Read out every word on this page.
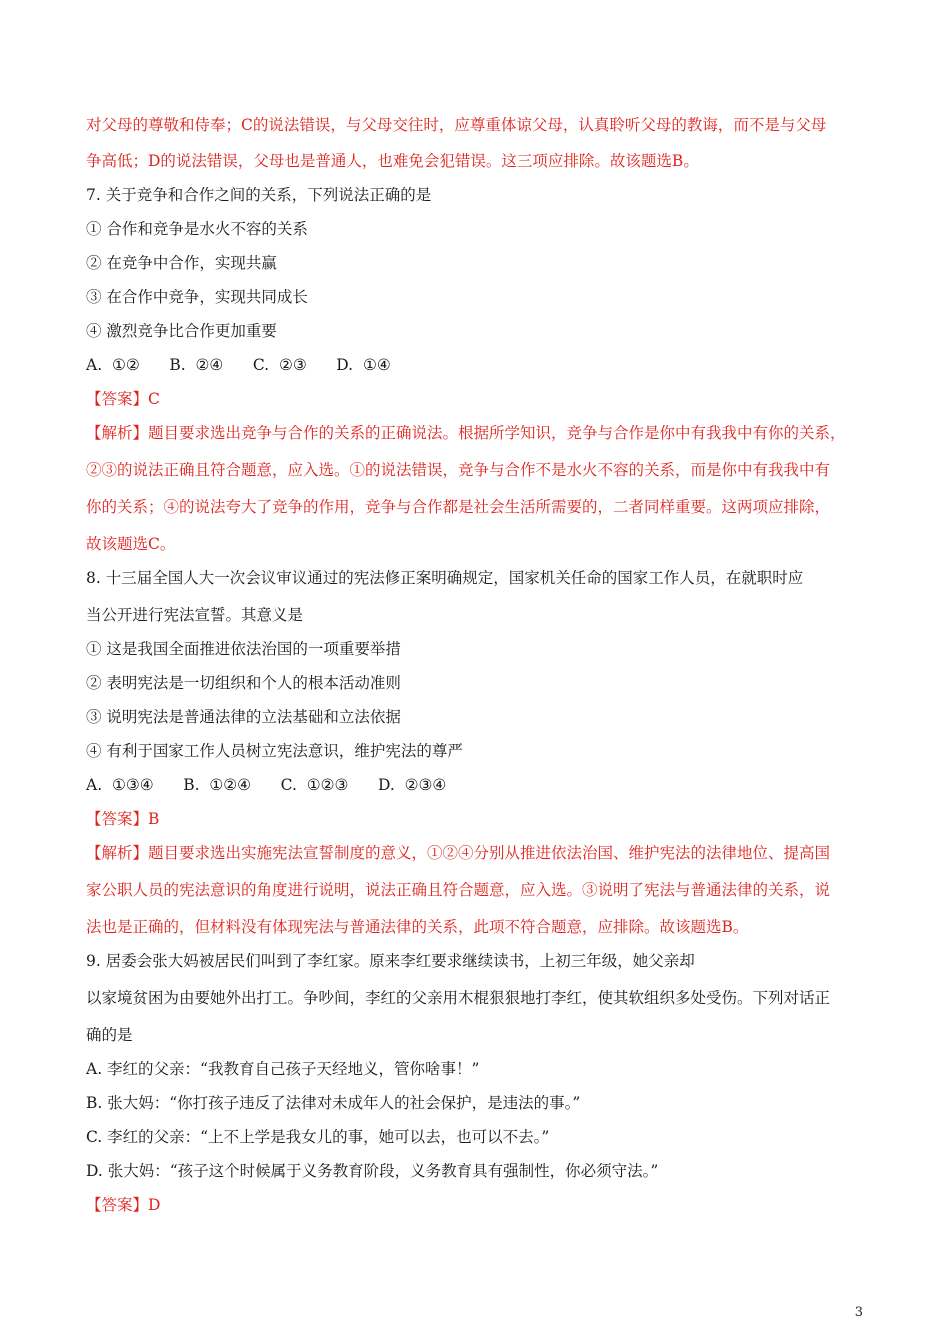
对父母的尊敬和侍奉；C的说法错误，与父母交往时，应尊重体谅父母，认真聆听父母的教诲，而不是与父母
争高低；D的说法错误，父母也是普通人，也难免会犯错误。这三项应排除。故该题选B。
7. 关于竞争和合作之间的关系，下列说法正确的是
① 合作和竞争是水火不容的关系
② 在竞争中合作，实现共赢
③ 在合作中竞争，实现共同成长
④ 激烈竞争比合作更加重要
A.  ①②      B.  ②④      C.  ②③      D.  ①④
【答案】C
【解析】题目要求选出竞争与合作的关系的正确说法。根据所学知识，竞争与合作是你中有我我中有你的关系，
②③的说法正确且符合题意，应入选。①的说法错误，竞争与合作不是水火不容的关系，而是你中有我我中有
你的关系；④的说法夸大了竞争的作用，竞争与合作都是社会生活所需要的，二者同样重要。这两项应排除，
故该题选C。
8. 十三届全国人大一次会议审议通过的宪法修正案明确规定，国家机关任命的国家工作人员，在就职时应
当公开进行宪法宣誓。其意义是
① 这是我国全面推进依法治国的一项重要举措
② 表明宪法是一切组织和个人的根本活动准则
③ 说明宪法是普通法律的立法基础和立法依据
④ 有利于国家工作人员树立宪法意识，维护宪法的尊严
A.  ①③④      B.  ①②④      C.  ①②③      D.  ②③④
【答案】B
【解析】题目要求选出实施宪法宣誓制度的意义，①②④分别从推进依法治国、维护宪法的法律地位、提高国
家公职人员的宪法意识的角度进行说明，说法正确且符合题意，应入选。③说明了宪法与普通法律的关系，说
法也是正确的，但材料没有体现宪法与普通法律的关系，此项不符合题意，应排除。故该题选B。
9. 居委会张大妈被居民们叫到了李红家。原来李红要求继续读书，上初三年级，她父亲却
以家境贫困为由要她外出打工。争吵间，李红的父亲用木棍狠狠地打李红，使其软组织多处受伤。下列对话正
确的是
A. 李红的父亲：“我教育自己孩子天经地义，管你啥事！”
B. 张大妈：“你打孩子违反了法律对未成年人的社会保护，是违法的事。”
C. 李红的父亲：“上不上学是我女儿的事，她可以去，也可以不去。”
D. 张大妈：“孩子这个时候属于义务教育阶段，义务教育具有强制性，你必须守法。”
【答案】D
3
